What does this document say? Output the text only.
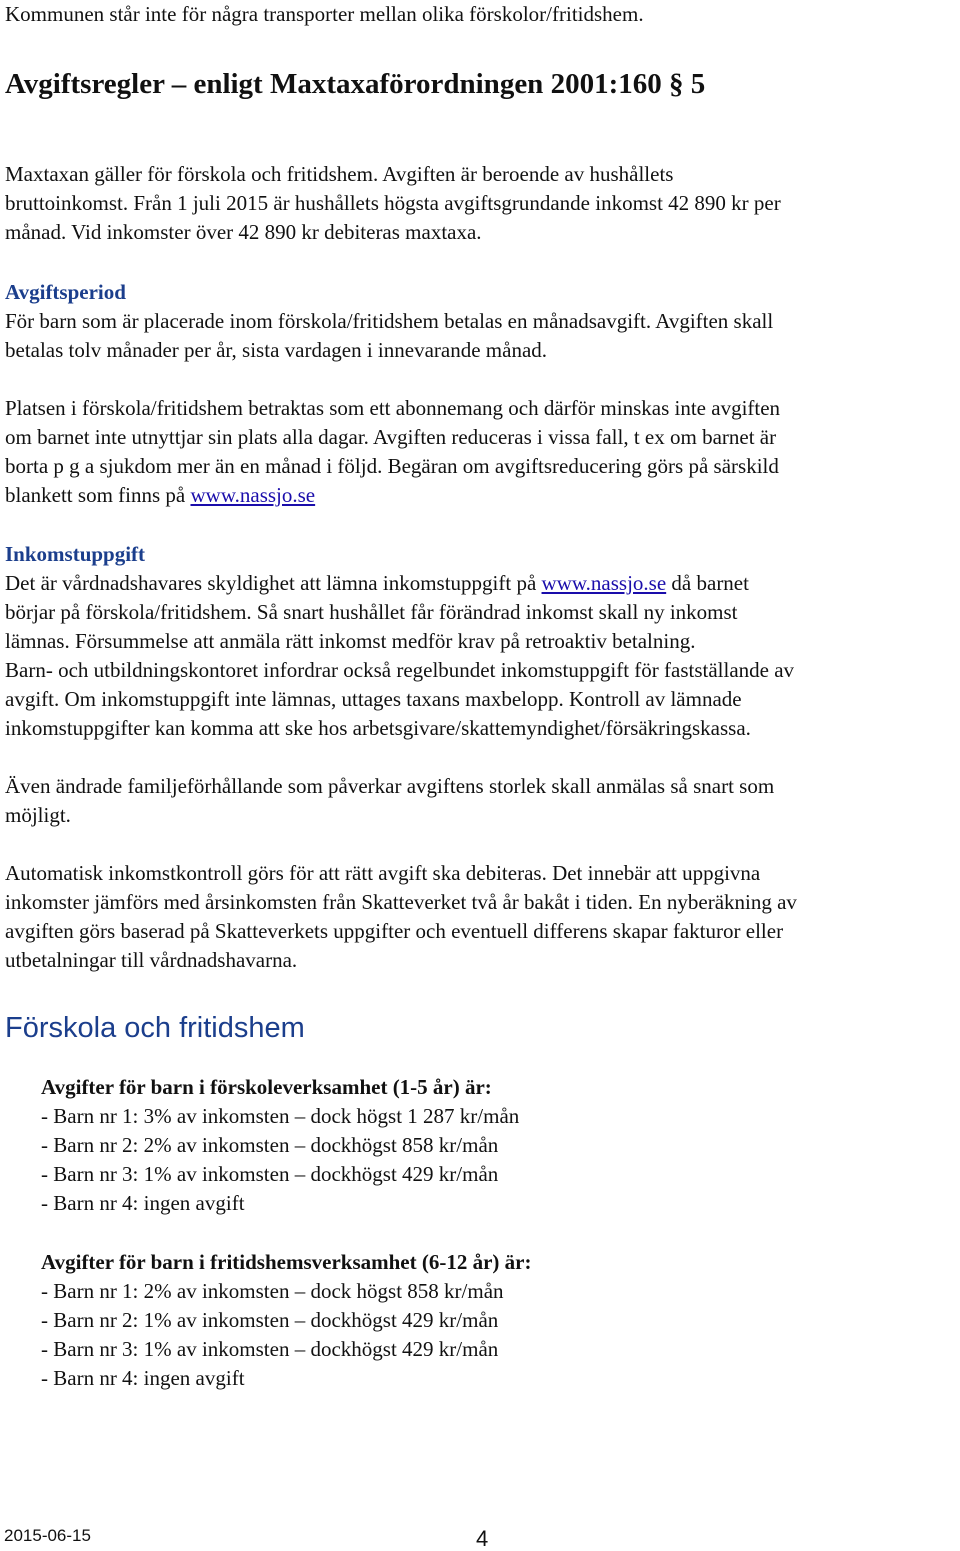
Kommunen står inte för några transporter mellan olika förskolor/fritidshem.
Avgiftsregler – enligt Maxtaxaförordningen 2001:160 § 5
Maxtaxan gäller för förskola och fritidshem. Avgiften är beroende av hushållets
bruttoinkomst. Från 1 juli 2015 är hushållets högsta avgiftsgrundande inkomst 42 890 kr per
månad. Vid inkomster över 42 890 kr debiteras maxtaxa.
Avgiftsperiod
För barn som är placerade inom förskola/fritidshem betalas en månadsavgift. Avgiften skall
betalas tolv månader per år, sista vardagen i innevarande månad.
Platsen i förskola/fritidshem betraktas som ett abonnemang och därför minskas inte avgiften
om barnet inte utnyttjar sin plats alla dagar. Avgiften reduceras i vissa fall, t ex om barnet är
borta p g a sjukdom mer än en månad i följd. Begäran om avgiftsreducering görs på särskild
blankett som finns på www.nassjo.se
Inkomstuppgift
Det är vårdnadshavares skyldighet att lämna inkomstuppgift på www.nassjo.se då barnet
börjar på förskola/fritidshem. Så snart hushållet får förändrad inkomst skall ny inkomst
lämnas. Försummelse att anmäla rätt inkomst medför krav på retroaktiv betalning.
Barn- och utbildningskontoret infordrar också regelbundet inkomstuppgift för fastställande av
avgift. Om inkomstuppgift inte lämnas, uttages taxans maxbelopp. Kontroll av lämnade
inkomstuppgifter kan komma att ske hos arbetsgivare/skattemyndighet/försäkringskassa.
Även ändrade familjeförhållande som påverkar avgiftens storlek skall anmälas så snart som
möjligt.
Automatisk inkomstkontroll görs för att rätt avgift ska debiteras. Det innebär att uppgivna
inkomster jämförs med årsinkomsten från Skatteverket två år bakåt i tiden. En nyberäkning av
avgiften görs baserad på Skatteverkets uppgifter och eventuell differens skapar fakturor eller
utbetalningar till vårdnadshavarna.
Förskola och fritidshem
Avgifter för barn i förskoleverksamhet (1-5 år) är:
- Barn nr 1: 3% av inkomsten – dock högst 1 287 kr/mån
- Barn nr 2: 2% av inkomsten – dockhögst 858 kr/mån
- Barn nr 3: 1% av inkomsten – dockhögst 429 kr/mån
- Barn nr 4: ingen avgift
Avgifter för barn i fritidshemsverksamhet (6-12 år) är:
- Barn nr 1: 2% av inkomsten – dock högst 858 kr/mån
- Barn nr 2: 1% av inkomsten – dockhögst 429 kr/mån
- Barn nr 3: 1% av inkomsten – dockhögst 429 kr/mån
- Barn nr 4: ingen avgift
2015-06-15	4
